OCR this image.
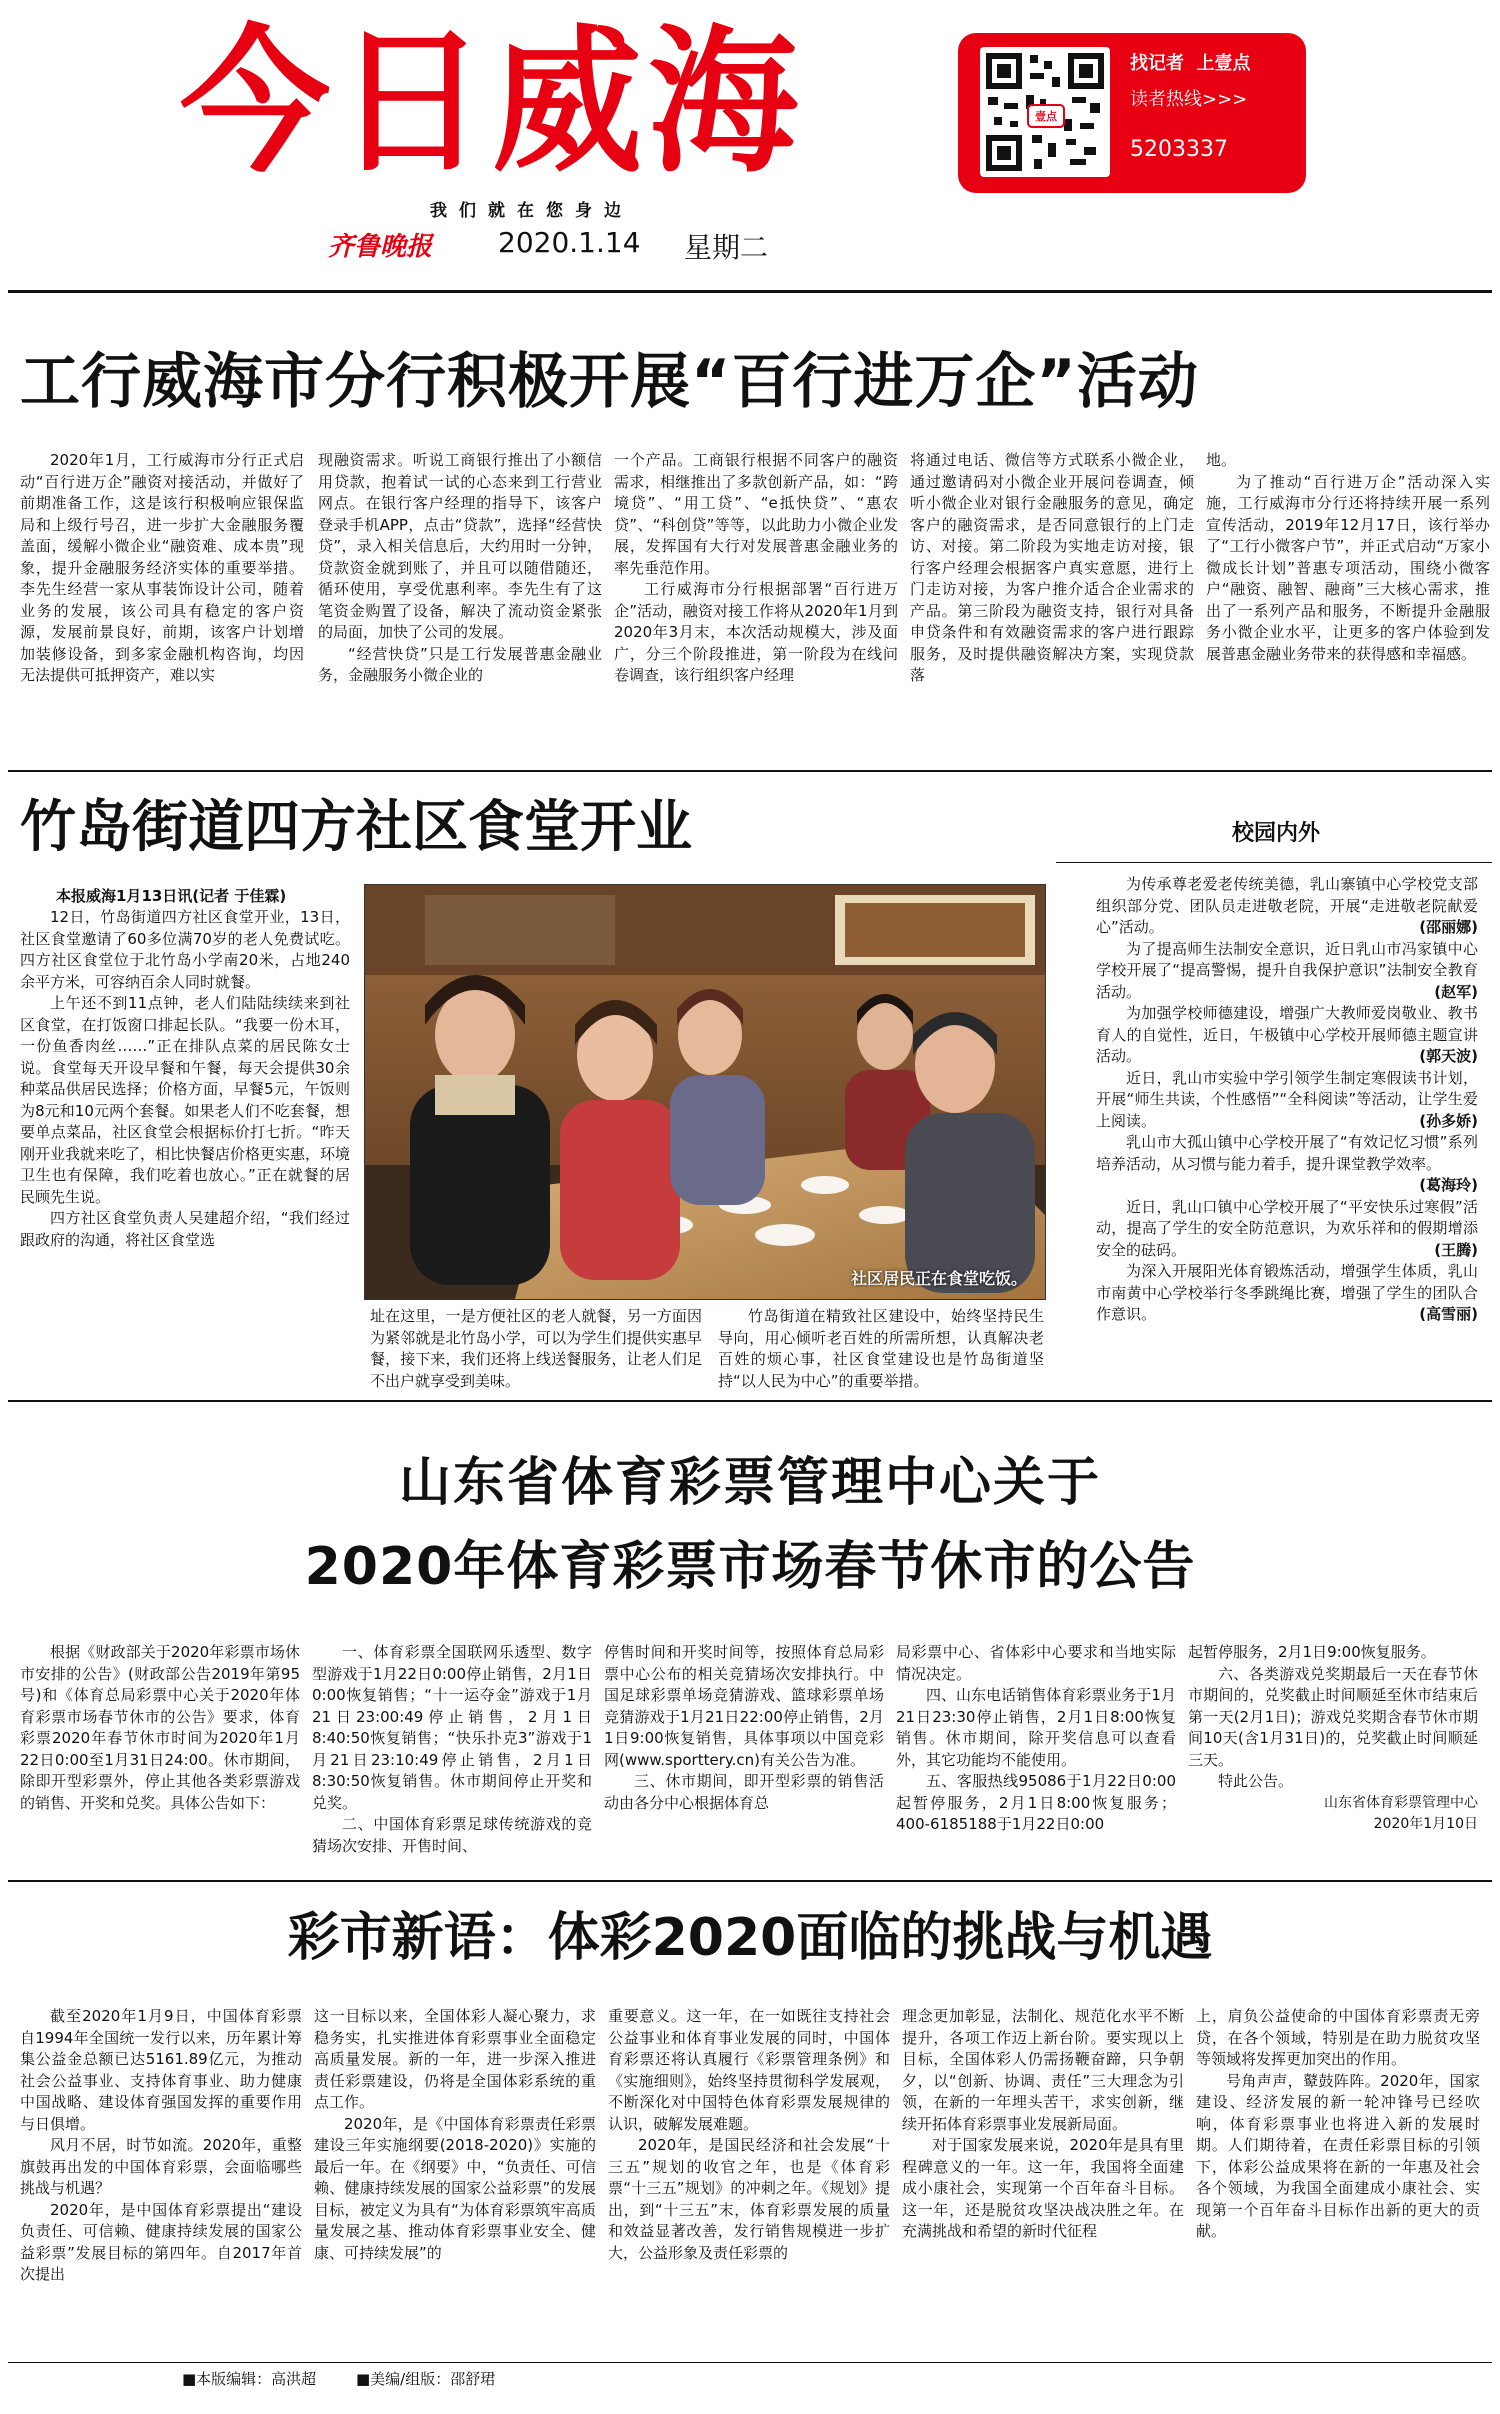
今日威海
我们就在您身边
齐鲁晚报 2020.1.14 星期二
壹点
找记者  上壹点
读者热线>>>
5203337
工行威海市分行积极开展“百行进万企”活动

2020年1月，工行威海市分行正式启动“百行进万企”融资对接活动，并做好了前期准备工作，这是该行积极响应银保监局和上级行号召，进一步扩大金融服务覆盖面，缓解小微企业“融资难、成本贵”现象，提升金融服务经济实体的重要举措。李先生经营一家从事装饰设计公司，随着业务的发展，该公司具有稳定的客户资源，发展前景良好，前期，该客户计划增加装修设备，到多家金融机构咨询，均因无法提供可抵押资产，难以实

现融资需求。听说工商银行推出了小额信用贷款，抱着试一试的心态来到工行营业网点。在银行客户经理的指导下，该客户登录手机APP，点击“贷款”，选择“经营快贷”，录入相关信息后，大约用时一分钟，贷款资金就到账了，并且可以随借随还，循环使用，享受优惠利率。李先生有了这笔资金购置了设备，解决了流动资金紧张的局面，加快了公司的发展。

“经营快贷”只是工行发展普惠金融业务，金融服务小微企业的

一个产品。工商银行根据不同客户的融资需求，相继推出了多款创新产品，如：“跨境贷”、“用工贷”、“e抵快贷”、“惠农贷”、“科创贷”等等，以此助力小微企业发展，发挥国有大行对发展普惠金融业务的率先垂范作用。

工行威海市分行根据部署“百行进万企”活动，融资对接工作将从2020年1月到2020年3月末，本次活动规模大，涉及面广，分三个阶段推进，第一阶段为在线问卷调查，该行组织客户经理

将通过电话、微信等方式联系小微企业，通过邀请码对小微企业开展问卷调查，倾听小微企业对银行金融服务的意见，确定客户的融资需求，是否同意银行的上门走访、对接。第二阶段为实地走访对接，银行客户经理会根据客户真实意愿，进行上门走访对接，为客户推介适合企业需求的产品。第三阶段为融资支持，银行对具备申贷条件和有效融资需求的客户进行跟踪服务，及时提供融资解决方案，实现贷款落

地。

为了推动“百行进万企”活动深入实施，工行威海市分行还将持续开展一系列宣传活动，2019年12月17日，该行举办了“工行小微客户节”，并正式启动“万家小微成长计划”普惠专项活动，围绕小微客户“融资、融智、融商”三大核心需求，推出了一系列产品和服务，不断提升金融服务小微企业水平，让更多的客户体验到发展普惠金融业务带来的获得感和幸福感。

竹岛街道四方社区食堂开业
本报威海1月13日讯(记者 于佳霖)

12日，竹岛街道四方社区食堂开业，13日，社区食堂邀请了60多位满70岁的老人免费试吃。四方社区食堂位于北竹岛小学南20米，占地240余平方米，可容纳百余人同时就餐。

上午还不到11点钟，老人们陆陆续续来到社区食堂，在打饭窗口排起长队。“我要一份木耳，一份鱼香肉丝……”正在排队点菜的居民陈女士说。食堂每天开设早餐和午餐，每天会提供30余种菜品供居民选择；价格方面，早餐5元，午饭则为8元和10元两个套餐。如果老人们不吃套餐，想要单点菜品，社区食堂会根据标价打七折。“昨天刚开业我就来吃了，相比快餐店价格更实惠，环境卫生也有保障，我们吃着也放心。”正在就餐的居民顾先生说。

四方社区食堂负责人吴建超介绍，“我们经过跟政府的沟通，将社区食堂选

社区居民正在食堂吃饭。

址在这里，一是方便社区的老人就餐，另一方面因为紧邻就是北竹岛小学，可以为学生们提供实惠早餐，接下来，我们还将上线送餐服务，让老人们足不出户就享受到美味。

竹岛街道在精致社区建设中，始终坚持民生导向，用心倾听老百姓的所需所想，认真解决老百姓的烦心事，社区食堂建设也是竹岛街道坚持“以人民为中心”的重要举措。

校园内外

为传承尊老爱老传统美德，乳山寨镇中心学校党支部组织部分党、团队员走进敬老院，开展“走进敬老院献爱心”活动。	(邵丽娜)

为了提高师生法制安全意识，近日乳山市冯家镇中心学校开展了“提高警惕，提升自我保护意识”法制安全教育活动。	(赵军)

为加强学校师德建设，增强广大教师爱岗敬业、教书育人的自觉性，近日，午极镇中心学校开展师德主题宣讲活动。	(郭天波)

近日，乳山市实验中学引领学生制定寒假读书计划，开展“师生共读，个性感悟”“全科阅读”等活动，让学生爱上阅读。	(孙多娇)

乳山市大孤山镇中心学校开展了“有效记忆习惯”系列培养活动，从习惯与能力着手，提升课堂教学效率。
(葛海玲)

近日，乳山口镇中心学校开展了“平安快乐过寒假”活动，提高了学生的安全防范意识，为欢乐祥和的假期增添安全的砝码。	(王腾)

为深入开展阳光体育锻炼活动，增强学生体质，乳山市南黄中心学校举行冬季跳绳比赛，增强了学生的团队合作意识。	(高雪丽)

山东省体育彩票管理中心关于
2020年体育彩票市场春节休市的公告

根据《财政部关于2020年彩票市场休市安排的公告》(财政部公告2019年第95号)和《体育总局彩票中心关于2020年体育彩票市场春节休市的公告》要求，体育彩票2020年春节休市时间为2020年1月22日0:00至1月31日24:00。休市期间，除即开型彩票外，停止其他各类彩票游戏的销售、开奖和兑奖。具体公告如下：

一、体育彩票全国联网乐透型、数字型游戏于1月22日0:00停止销售，2月1日0:00恢复销售；“十一运夺金”游戏于1月21日23:00:49停止销售，2月1日8:40:50恢复销售；“快乐扑克3”游戏于1月21日23:10:49停止销售，2月1日8:30:50恢复销售。休市期间停止开奖和兑奖。

二、中国体育彩票足球传统游戏的竞猜场次安排、开售时间、

停售时间和开奖时间等，按照体育总局彩票中心公布的相关竞猜场次安排执行。中国足球彩票单场竞猜游戏、篮球彩票单场竞猜游戏于1月21日22:00停止销售，2月1日9:00恢复销售，具体事项以中国竞彩网(www.sporttery.cn)有关公告为准。

三、休市期间，即开型彩票的销售活动由各分中心根据体育总

局彩票中心、省体彩中心要求和当地实际情况决定。

四、山东电话销售体育彩票业务于1月21日23:30停止销售，2月1日8:00恢复销售。休市期间，除开奖信息可以查看外，其它功能均不能使用。

五、客服热线95086于1月22日0:00起暂停服务，2月1日8:00恢复服务；400-6185188于1月22日0:00

起暂停服务，2月1日9:00恢复服务。

六、各类游戏兑奖期最后一天在春节休市期间的，兑奖截止时间顺延至休市结束后第一天(2月1日)；游戏兑奖期含春节休市期间10天(含1月31日)的，兑奖截止时间顺延三天。

特此公告。

山东省体育彩票管理中心

2020年1月10日

彩市新语：体彩2020面临的挑战与机遇

截至2020年1月9日，中国体育彩票自1994年全国统一发行以来，历年累计筹集公益金总额已达5161.89亿元，为推动社会公益事业、支持体育事业、助力健康中国战略、建设体育强国发挥的重要作用与日俱增。

风月不居，时节如流。2020年，重整旗鼓再出发的中国体育彩票，会面临哪些挑战与机遇？

2020年，是中国体育彩票提出“建设负责任、可信赖、健康持续发展的国家公益彩票”发展目标的第四年。自2017年首次提出

这一目标以来，全国体彩人凝心聚力，求稳务实，扎实推进体育彩票事业全面稳定高质量发展。新的一年，进一步深入推进责任彩票建设，仍将是全国体彩系统的重点工作。

2020年，是《中国体育彩票责任彩票建设三年实施纲要(2018-2020)》实施的最后一年。在《纲要》中，“负责任、可信赖、健康持续发展的国家公益彩票”的发展目标，被定义为具有“为体育彩票筑牢高质量发展之基、推动体育彩票事业安全、健康、可持续发展”的

重要意义。这一年，在一如既往支持社会公益事业和体育事业发展的同时，中国体育彩票还将认真履行《彩票管理条例》和《实施细则》，始终坚持贯彻科学发展观，不断深化对中国特色体育彩票发展规律的认识，破解发展难题。

2020年，是国民经济和社会发展“十三五”规划的收官之年，也是《体育彩票“十三五”规划》的冲刺之年。《规划》提出，到“十三五”末，体育彩票发展的质量和效益显著改善，发行销售规模进一步扩大，公益形象及责任彩票的

理念更加彰显，法制化、规范化水平不断提升，各项工作迈上新台阶。要实现以上目标，全国体彩人仍需扬鞭奋蹄，只争朝夕，以“创新、协调、责任”三大理念为引领，在新的一年埋头苦干，求实创新，继续开拓体育彩票事业发展新局面。

对于国家发展来说，2020年是具有里程碑意义的一年。这一年，我国将全面建成小康社会，实现第一个百年奋斗目标。这一年，还是脱贫攻坚决战决胜之年。在充满挑战和希望的新时代征程

上，肩负公益使命的中国体育彩票责无旁贷，在各个领域，特别是在助力脱贫攻坚等领域将发挥更加突出的作用。

号角声声，鼙鼓阵阵。2020年，国家建设、经济发展的新一轮冲锋号已经吹响，体育彩票事业也将进入新的发展时期。人们期待着，在责任彩票目标的引领下，体彩公益成果将在新的一年惠及社会各个领域，为我国全面建成小康社会、实现第一个百年奋斗目标作出新的更大的贡献。

■本版编辑：高洪超	■美编/组版：邵舒珺
